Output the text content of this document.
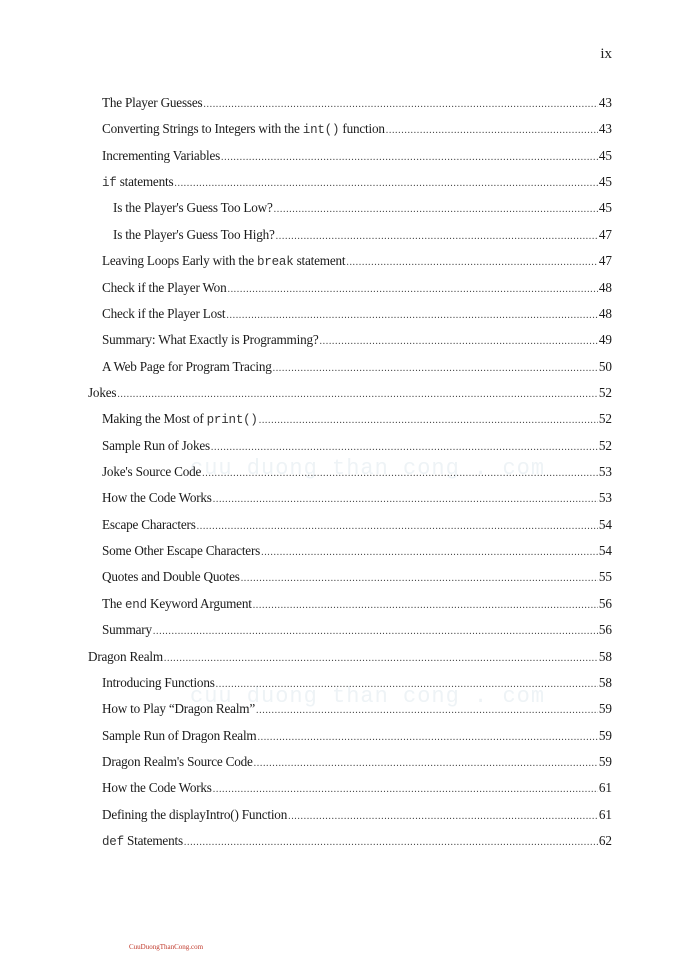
ix
cuu duong than cong . com
cuu duong than cong . com
The Player Guesses .....	43
Converting Strings to Integers with the int() function .....	43
Incrementing Variables .....	45
if statements .....	45
Is the Player's Guess Too Low? .....	45
Is the Player's Guess Too High? .....	47
Leaving Loops Early with the break statement .....	47
Check if the Player Won .....	48
Check if the Player Lost .....	48
Summary: What Exactly is Programming? .....	49
A Web Page for Program Tracing .....	50
Jokes .....	52
Making the Most of print() .....	52
Sample Run of Jokes .....	52
Joke's Source Code .....	53
How the Code Works .....	53
Escape Characters .....	54
Some Other Escape Characters .....	54
Quotes and Double Quotes .....	55
The end Keyword Argument .....	56
Summary .....	56
Dragon Realm .....	58
Introducing Functions .....	58
How to Play “Dragon Realm” .....	59
Sample Run of Dragon Realm .....	59
Dragon Realm's Source Code .....	59
How the Code Works .....	61
Defining the displayIntro() Function .....	61
def Statements .....	62
CuuDuongThanCong.com
